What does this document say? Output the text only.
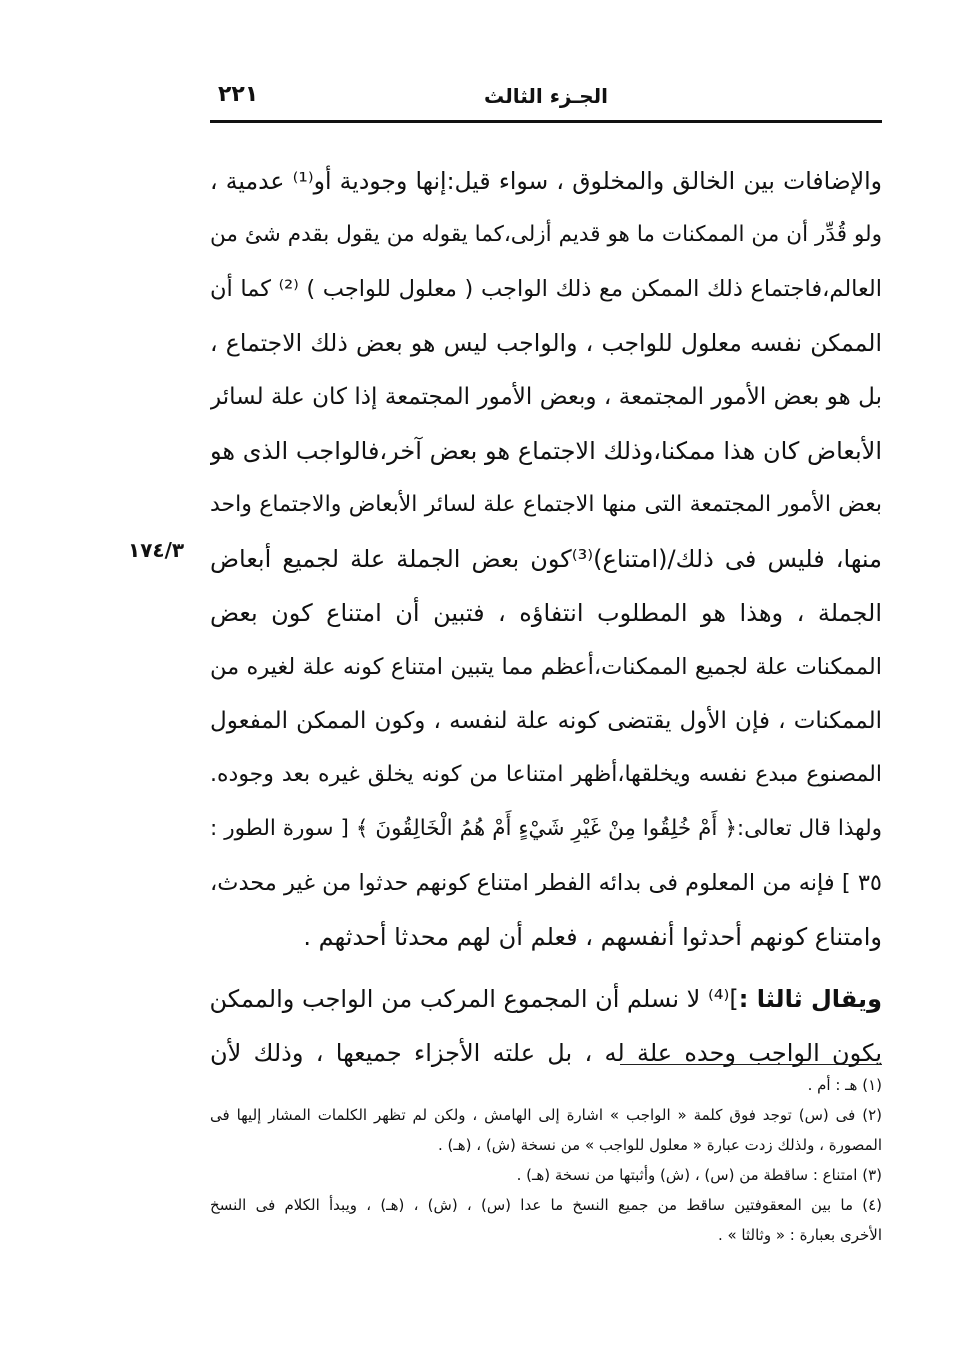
٢٢١	الجـزء الثالث
١٧٤/٣
والإضافات بين الخالق والمخلوق ، سواء قيل:إنها وجودية أو⁽¹⁾ عدمية ،
ولو قُدِّر أن من الممكنات ما هو قديم أزلى،كما يقوله من يقول بقدم شئ من
العالم،فاجتماع ذلك الممكن مع ذلك الواجب ( معلول للواجب ) ⁽²⁾ كما أن
الممكن نفسه معلول للواجب ، والواجب ليس هو بعض ذلك الاجتماع ،
بل هو بعض الأمور المجتمعة ، وبعض الأمور المجتمعة إذا كان علة لسائر
الأبعاض كان هذا ممكنا،وذلك الاجتماع هو بعض آخر،فالواجب الذى هو
بعض الأمور المجتمعة التى منها الاجتماع علة لسائر الأبعاض والاجتماع واحد
منها، فليس فى ذلك/(امتناع)⁽³⁾كون بعض الجملة علة لجميع أبعاض
الجملة ، وهذا هو المطلوب انتفاؤه ، فتبين أن امتناع كون بعض
الممكنات علة لجميع الممكنات،أعظم مما يتبين امتناع كونه علة لغيره من
الممكنات ، فإن الأول يقتضى كونه علة لنفسه ، وكون الممكن المفعول
المصنوع مبدع نفسه ويخلقها،أظهر امتناعا من كونه يخلق غيره بعد وجوده.
ولهذا قال تعالى:﴿ أَمْ خُلِقُوا مِنْ غَيْرِ شَيْءٍ أَمْ هُمُ الْخَالِقُونَ ﴾ [ سورة الطور :
٣٥ ] فإنه من المعلوم فى بدائه الفطر امتناع كونهم حدثوا من غير محدث،
وامتناع كونهم أحدثوا أنفسهم ، فعلم أن لهم محدثا أحدثهم .
ويقال ثالثا :]⁽⁴⁾ لا نسلم أن المجموع المركب من الواجب والممكن
يكون الواجب وحده علة له ، بل علته الأجزاء جميعها ، وذلك لأن
(١) هـ : أم .
(٢) فى (س) توجد فوق كلمة « الواجب » اشارة إلى الهامش ، ولكن لم تظهر الكلمات المشار إليها فى
المصورة ، ولذلك زدت عبارة « معلول للواجب » من نسخة (ش) ، (هـ) .
(٣) امتناع : ساقطة من (س) ، (ش) وأثبتها من نسخة (هـ) .
(٤) ما بين المعقوفتين ساقط من جميع النسخ ما عدا (س) ، (ش) ، (هـ) ، ويبدأ الكلام فى النسخ
الأخرى بعبارة : « وثالثا » .
